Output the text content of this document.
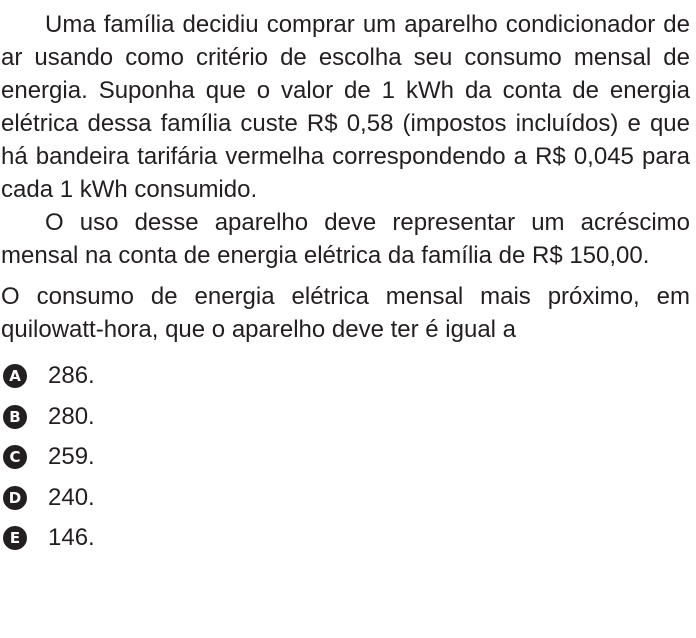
Uma família decidiu comprar um aparelho condicionador de ar usando como critério de escolha seu consumo mensal de energia. Suponha que o valor de 1 kWh da conta de energia elétrica dessa família custe R$ 0,58 (impostos incluídos) e que há bandeira tarifária vermelha correspondendo a R$ 0,045 para cada 1 kWh consumido.

O uso desse aparelho deve representar um acréscimo mensal na conta de energia elétrica da família de R$ 150,00.

O consumo de energia elétrica mensal mais próximo, em quilowatt-hora, que o aparelho deve ter é igual a

A 286.
B 280.
C 259.
D 240.
E 146.
